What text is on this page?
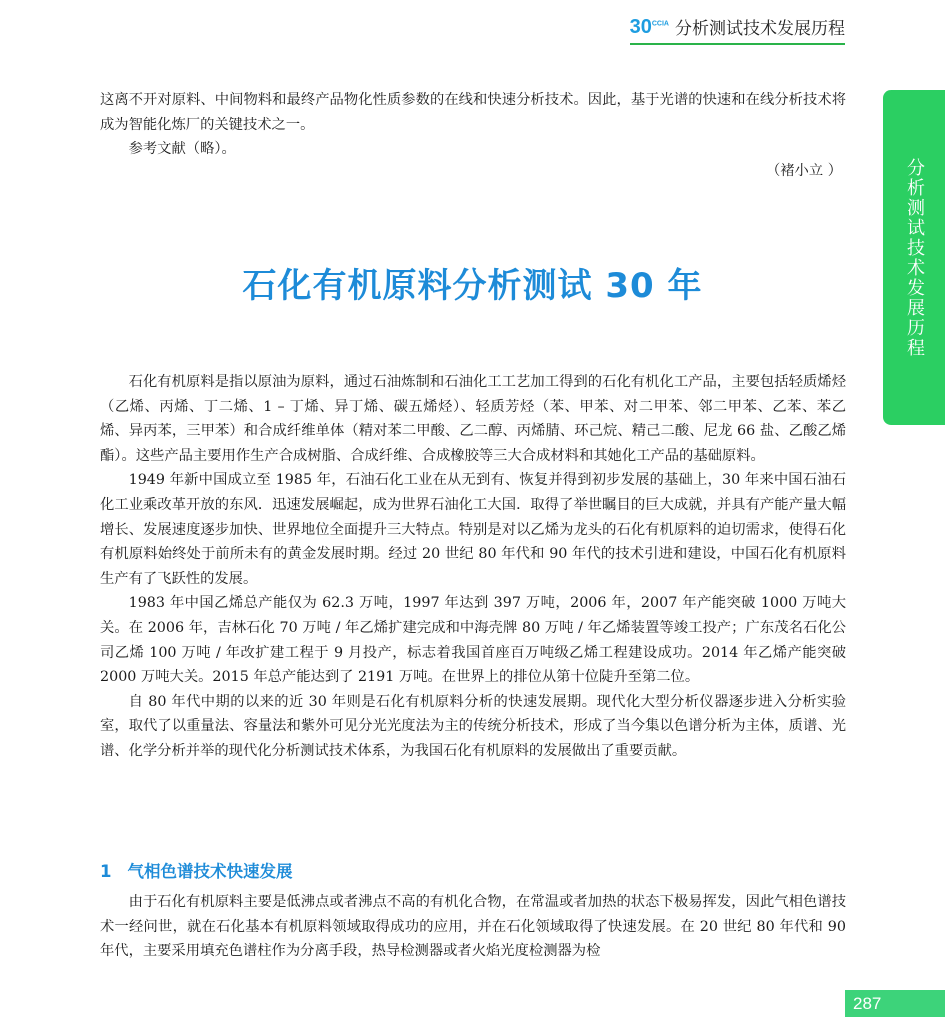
$30^{CCIA}$ 分析测试技术发展历程
分析测试技术发展历程

这离不开对原料、中间物料和最终产品物化性质参数的在线和快速分析技术。因此，基于光谱的快速和在线分析技术将成为智能化炼厂的关键技术之一。

参考文献（略）。

（褚小立 ）
石化有机原料分析测试 30 年

石化有机原料是指以原油为原料，通过石油炼制和石油化工工艺加工得到的石化有机化工产品，主要包括轻质烯烃（乙烯、丙烯、丁二烯、1 – 丁烯、异丁烯、碳五烯烃）、轻质芳烃（苯、甲苯、对二甲苯、邻二甲苯、乙苯、苯乙烯、异丙苯，三甲苯）和合成纤维单体（精对苯二甲酸、乙二醇、丙烯腈、环己烷、精己二酸、尼龙 66 盐、乙酸乙烯酯）。这些产品主要用作生产合成树脂、合成纤维、合成橡胶等三大合成材料和其她化工产品的基础原料。

1949 年新中国成立至 1985 年，石油石化工业在从无到有、恢复并得到初步发展的基础上，30 年来中国石油石化工业乘改革开放的东风．迅速发展崛起，成为世界石油化工大国．取得了举世瞩目的巨大成就，并具有产能产量大幅增长、发展速度逐步加快、世界地位全面提升三大特点。特别是对以乙烯为龙头的石化有机原料的迫切需求，使得石化有机原料始终处于前所未有的黄金发展时期。经过 20 世纪 80 年代和 90 年代的技术引进和建设，中国石化有机原料生产有了飞跃性的发展。

1983 年中国乙烯总产能仅为 62.3 万吨，1997 年达到 397 万吨，2006 年，2007 年产能突破 1000 万吨大关。在 2006 年，吉林石化 70 万吨 / 年乙烯扩建完成和中海壳牌 80 万吨 / 年乙烯装置等竣工投产；广东茂名石化公司乙烯 100 万吨 / 年改扩建工程于 9 月投产，标志着我国首座百万吨级乙烯工程建设成功。2014 年乙烯产能突破 2000 万吨大关。2015 年总产能达到了 2191 万吨。在世界上的排位从第十位陡升至第二位。

自 80 年代中期的以来的近 30 年则是石化有机原料分析的快速发展期。现代化大型分析仪器逐步进入分析实验室，取代了以重量法、容量法和紫外可见分光光度法为主的传统分析技术，形成了当今集以色谱分析为主体，质谱、光谱、化学分析并举的现代化分析测试技术体系，为我国石化有机原料的发展做出了重要贡献。

1 气相色谱技术快速发展

由于石化有机原料主要是低沸点或者沸点不高的有机化合物，在常温或者加热的状态下极易挥发，因此气相色谱技术一经问世，就在石化基本有机原料领域取得成功的应用，并在石化领域取得了快速发展。在 20 世纪 80 年代和 90 年代，主要采用填充色谱柱作为分离手段，热导检测器或者火焰光度检测器为检

287
